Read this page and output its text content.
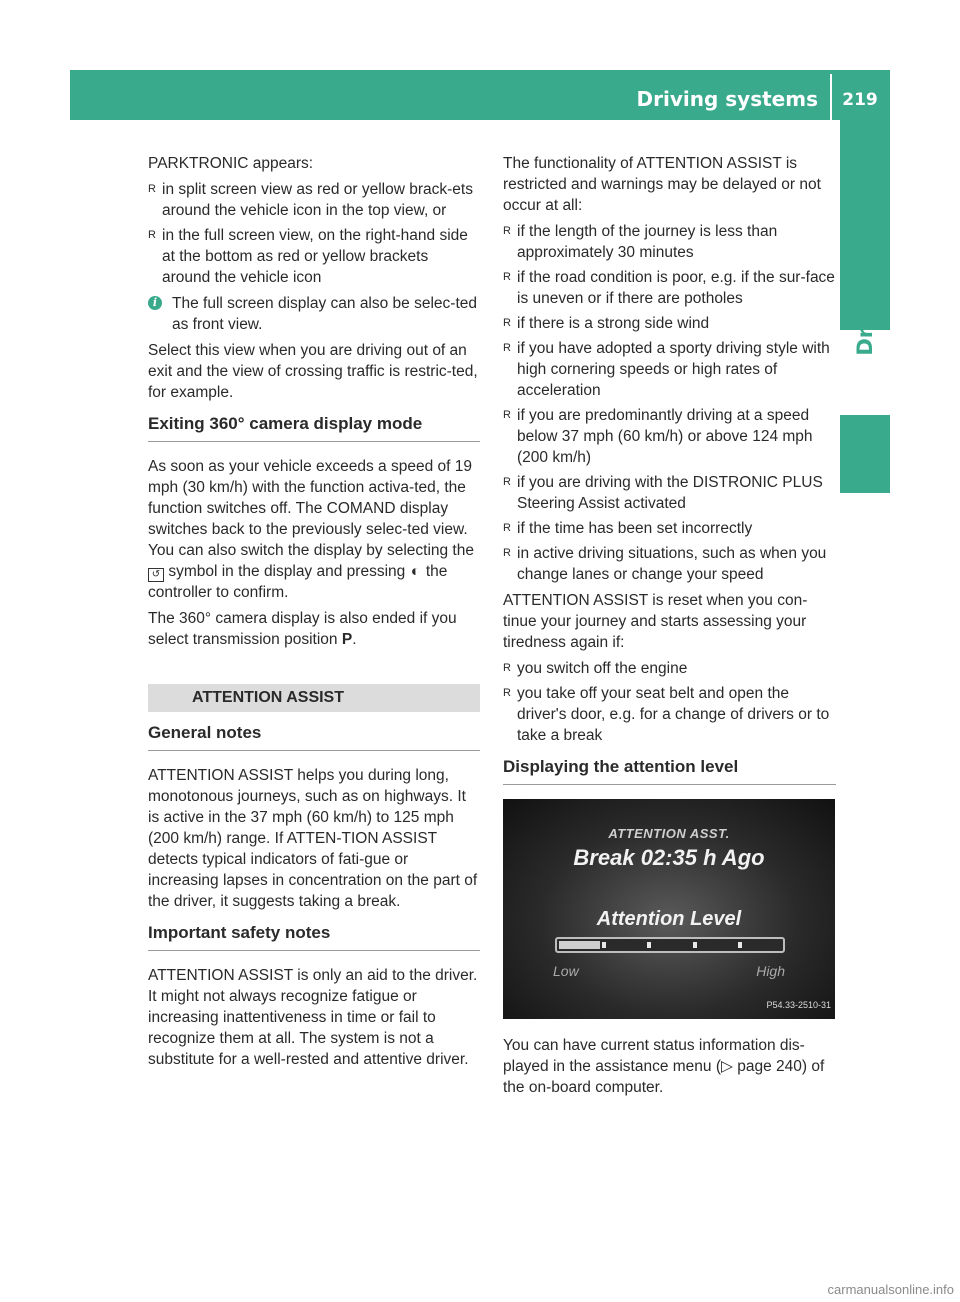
Driving systems	219
Driving and parking

PARKTRONIC appears:

R in split screen view as red or yellow brack-ets around the vehicle icon in the top view, or
R in the full screen view, on the right-hand side at the bottom as red or yellow brackets around the vehicle icon
i The full screen display can also be selec-ted as front view.

Select this view when you are driving out of an exit and the view of crossing traffic is restric-ted, for example.

Exiting 360° camera display mode

As soon as your vehicle exceeds a speed of 19 mph (30 km/h) with the function activa-ted, the function switches off. The COMAND display switches back to the previously selec-ted view. You can also switch the display by selecting the ↺ symbol in the display and pressing ◐ the controller to confirm.

The 360° camera display is also ended if you select transmission position P.

ATTENTION ASSIST
General notes

ATTENTION ASSIST helps you during long, monotonous journeys, such as on highways. It is active in the 37 mph (60 km/h) to 125 mph (200 km/h) range. If ATTEN-TION ASSIST detects typical indicators of fati-gue or increasing lapses in concentration on the part of the driver, it suggests taking a break.

Important safety notes

ATTENTION ASSIST is only an aid to the driver. It might not always recognize fatigue or increasing inattentiveness in time or fail to recognize them at all. The system is not a substitute for a well-rested and attentive driver.

The functionality of ATTENTION ASSIST is restricted and warnings may be delayed or not occur at all:

R if the length of the journey is less than approximately 30 minutes
R if the road condition is poor, e.g. if the sur-face is uneven or if there are potholes
R if there is a strong side wind
R if you have adopted a sporty driving style with high cornering speeds or high rates of acceleration
R if you are predominantly driving at a speed below 37 mph (60 km/h) or above 124 mph (200 km/h)
R if you are driving with the DISTRONIC PLUS Steering Assist activated
R if the time has been set incorrectly
R in active driving situations, such as when you change lanes or change your speed

ATTENTION ASSIST is reset when you con-tinue your journey and starts assessing your tiredness again if:

R you switch off the engine
R you take off your seat belt and open the driver's door, e.g. for a change of drivers or to take a break
Displaying the attention level
ATTENTION ASST.
Break 02:35 h Ago
Attention Level
Low	High
P54.33-2510-31

You can have current status information dis-played in the assistance menu (▷ page 240) of the on-board computer.

carmanualsonline.info
